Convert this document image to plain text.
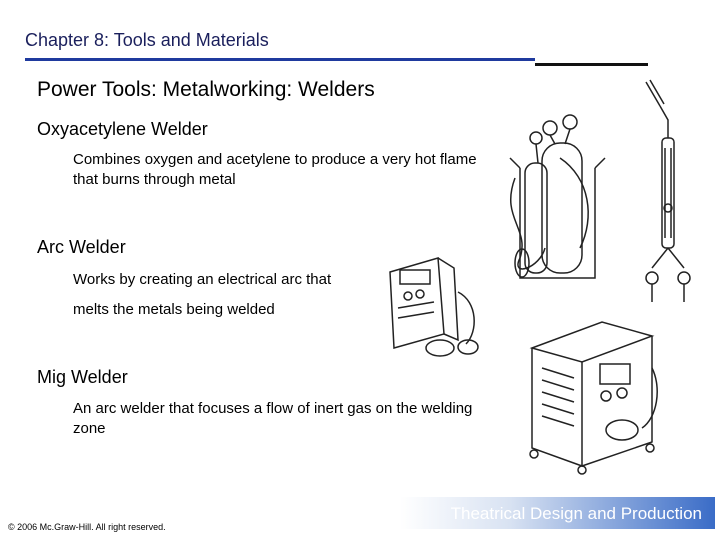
Chapter 8: Tools and Materials
Power Tools: Metalworking: Welders
Oxyacetylene Welder
Combines oxygen and acetylene to produce a very hot flame that burns through metal
Arc Welder
Works by creating an electrical arc that
melts the metals being welded
Mig Welder
An arc welder that focuses a flow of inert gas on the welding
zone
Theatrical Design and Production
© 2006 Mc.Graw-Hill. All right reserved.
